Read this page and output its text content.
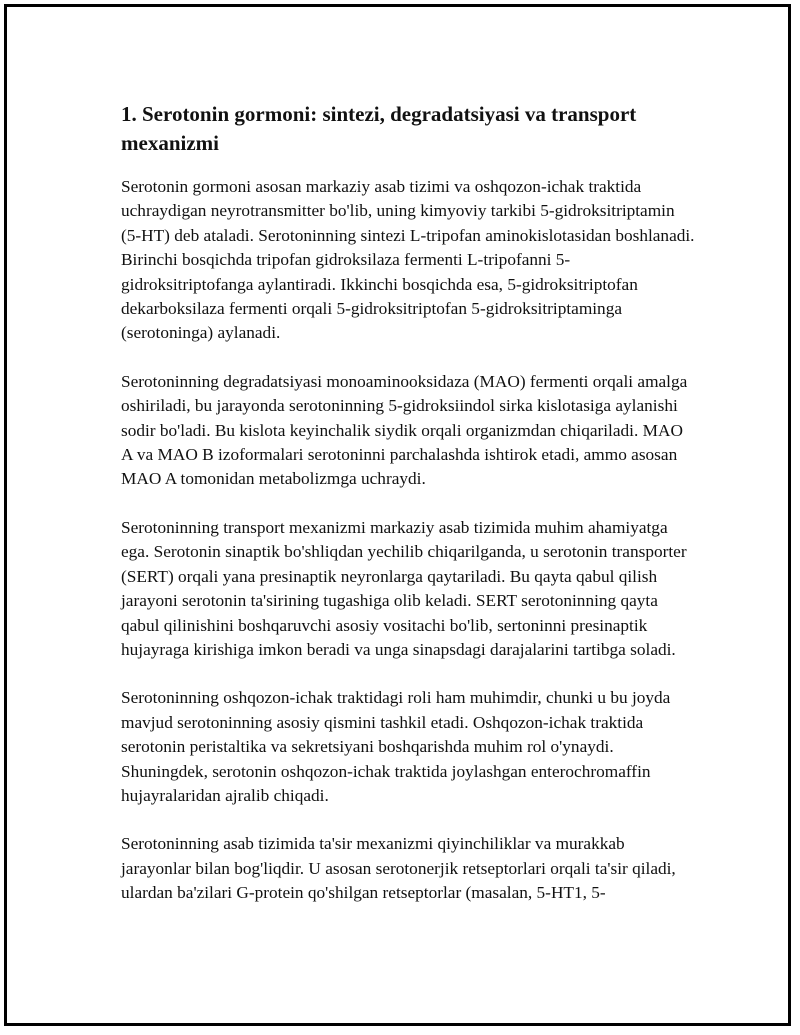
1. Serotonin gormoni: sintezi, degradatsiyasi va transport mexanizmi

Serotonin gormoni asosan markaziy asab tizimi va oshqozon-ichak traktida uchraydigan neyrotransmitter bo'lib, uning kimyoviy tarkibi 5-gidroksitriptamin (5-HT) deb ataladi. Serotoninning sintezi L-tripofan aminokislotasidan boshlanadi. Birinchi bosqichda tripofan gidroksilaza fermenti L-tripofanni 5-gidroksitriptofanga aylantiradi. Ikkinchi bosqichda esa, 5-gidroksitriptofan dekarboksilaza fermenti orqali 5-gidroksitriptofan 5-gidroksitriptaminga (serotoninga) aylanadi.

Serotoninning degradatsiyasi monoaminooksidaza (MAO) fermenti orqali amalga oshiriladi, bu jarayonda serotoninning 5-gidroksiindol sirka kislotasiga aylanishi sodir bo'ladi. Bu kislota keyinchalik siydik orqali organizmdan chiqariladi. MAO A va MAO B izoformalari serotoninni parchalashda ishtirok etadi, ammo asosan MAO A tomonidan metabolizmga uchraydi.

Serotoninning transport mexanizmi markaziy asab tizimida muhim ahamiyatga ega. Serotonin sinaptik bo'shliqdan yechilib chiqarilganda, u serotonin transporter (SERT) orqali yana presinaptik neyronlarga qaytariladi. Bu qayta qabul qilish jarayoni serotonin ta'sirining tugashiga olib keladi. SERT serotoninning qayta qabul qilinishini boshqaruvchi asosiy vositachi bo'lib, sertoninni presinaptik hujayraga kirishiga imkon beradi va unga sinapsdagi darajalarini tartibga soladi.

Serotoninning oshqozon-ichak traktidagi roli ham muhimdir, chunki u bu joyda mavjud serotoninning asosiy qismini tashkil etadi. Oshqozon-ichak traktida serotonin peristaltika va sekretsiyani boshqarishda muhim rol o'ynaydi. Shuningdek, serotonin oshqozon-ichak traktida joylashgan enterochromaffin hujayralaridan ajralib chiqadi.

Serotoninning asab tizimida ta'sir mexanizmi qiyinchiliklar va murakkab jarayonlar bilan bog'liqdir. U asosan serotonerjik retseptorlari orqali ta'sir qiladi, ulardan ba'zilari G-protein qo'shilgan retseptorlar (masalan, 5-HT1, 5-
